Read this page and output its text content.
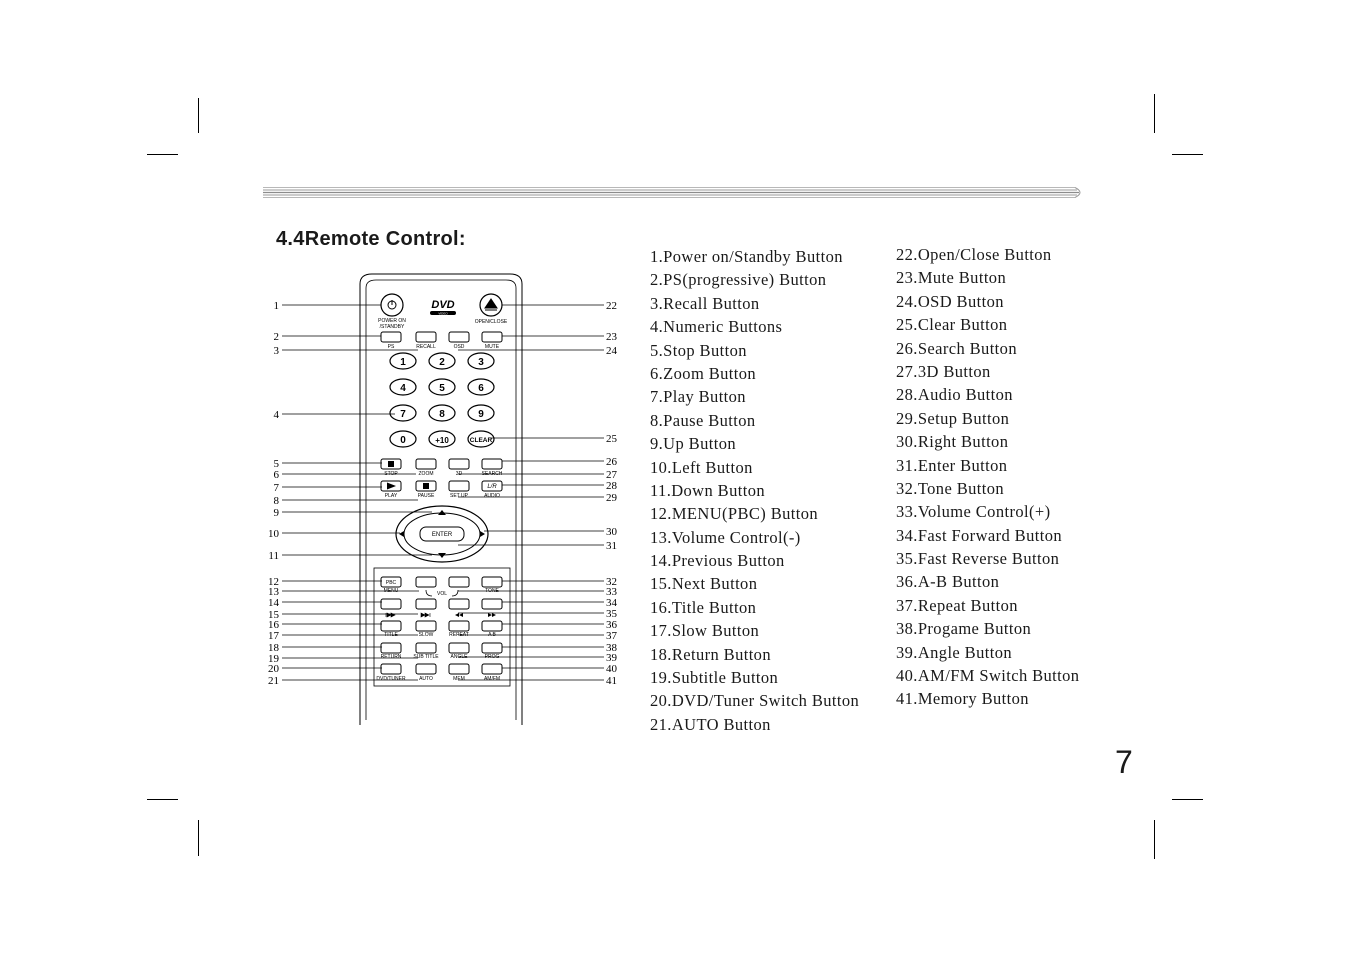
4.4Remote Control:
POWER ON
/STANDBY
DVD
VIDEO
OPEN/CLOSE
PS	RECALL	OSD	MUTE
1	2	3
4	5	6
7	8	9
0	+10	CLEAR
STOP	ZOOM	3D	SEARCH
L/R
PLAY	PAUSE	SET UP	AUDIO
ENTER
PBC
MENU	VOL	TONE
TITLE	SLOW	REPEAT	A B
RETURN SUB TITLE ANGLE	PROG
DVD/TUNER	AUTO	MEM	AM/FM
1
2
3
4
5
6
7
8
9
10
11
12
13
14
15
16
17
18
19
20
21
22
23
24
25
26
27
28
29
30
31
32
33
34
35
36
37
38
39
40
41
1.Power on/Standby Button
2.PS(progressive) Button
3.Recall Button
4.Numeric Buttons
5.Stop Button
6.Zoom Button
7.Play Button
8.Pause Button
9.Up Button
10.Left Button
11.Down Button
12.MENU(PBC) Button
13.Volume Control(-)
14.Previous Button
15.Next Button
16.Title Button
17.Slow Button
18.Return Button
19.Subtitle Button
20.DVD/Tuner Switch Button
21.AUTO Button
22.Open/Close Button
23.Mute Button
24.OSD Button
25.Clear Button
26.Search Button
27.3D Button
28.Audio Button
29.Setup Button
30.Right Button
31.Enter Button
32.Tone Button
33.Volume Control(+)
34.Fast Forward Button
35.Fast Reverse Button
36.A-B Button
37.Repeat Button
38.Progame Button
39.Angle Button
40.AM/FM Switch Button
41.Memory Button
7
